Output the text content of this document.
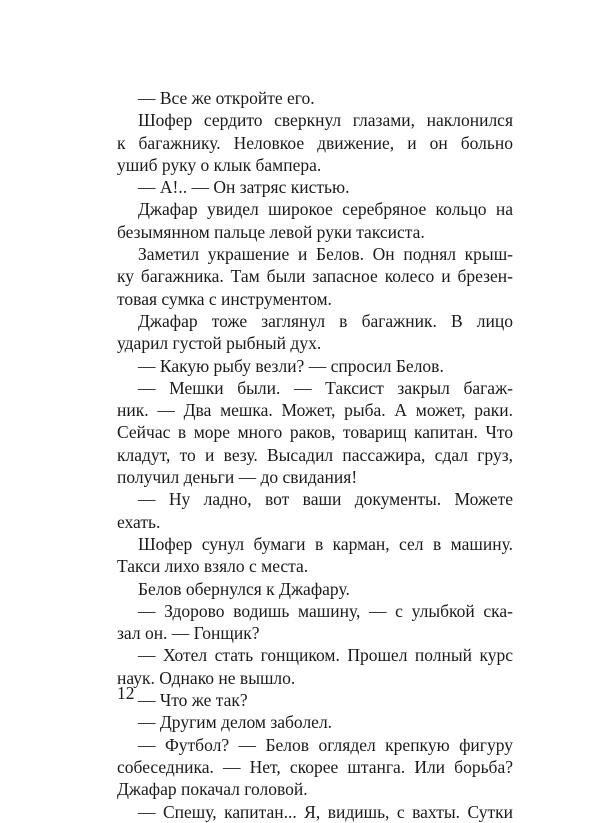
— Все же откройте его.
Шофер сердито сверкнул глазами, наклонился
к багажнику. Неловкое движение, и он больно
ушиб руку о клык бампера.
— А!.. — Он затряс кистью.
Джафар увидел широкое серебряное кольцо на
безымянном пальце левой руки таксиста.
Заметил украшение и Белов. Он поднял крыш-
ку багажника. Там были запасное колесо и брезен-
товая сумка с инструментом.
Джафар тоже заглянул в багажник. В лицо
ударил густой рыбный дух.
— Какую рыбу везли? — спросил Белов.
— Мешки были. — Таксист закрыл багаж-
ник. — Два мешка. Может, рыба. А может, раки.
Сейчас в море много раков, товарищ капитан. Что
кладут, то и везу. Высадил пассажира, сдал груз,
получил деньги — до свидания!
— Ну ладно, вот ваши документы. Можете
ехать.
Шофер сунул бумаги в карман, сел в машину.
Такси лихо взяло с места.
Белов обернулся к Джафару.
— Здорово водишь машину, — с улыбкой ска-
зал он. — Гонщик?
— Хотел стать гонщиком. Прошел полный курс
наук. Однако не вышло.
— Что же так?
— Другим делом заболел.
— Футбол? — Белов оглядел крепкую фигуру
собеседника. — Нет, скорее штанга. Или борьба?
Джафар покачал головой.
— Спешу, капитан... Я, видишь, с вахты. Сутки
12
